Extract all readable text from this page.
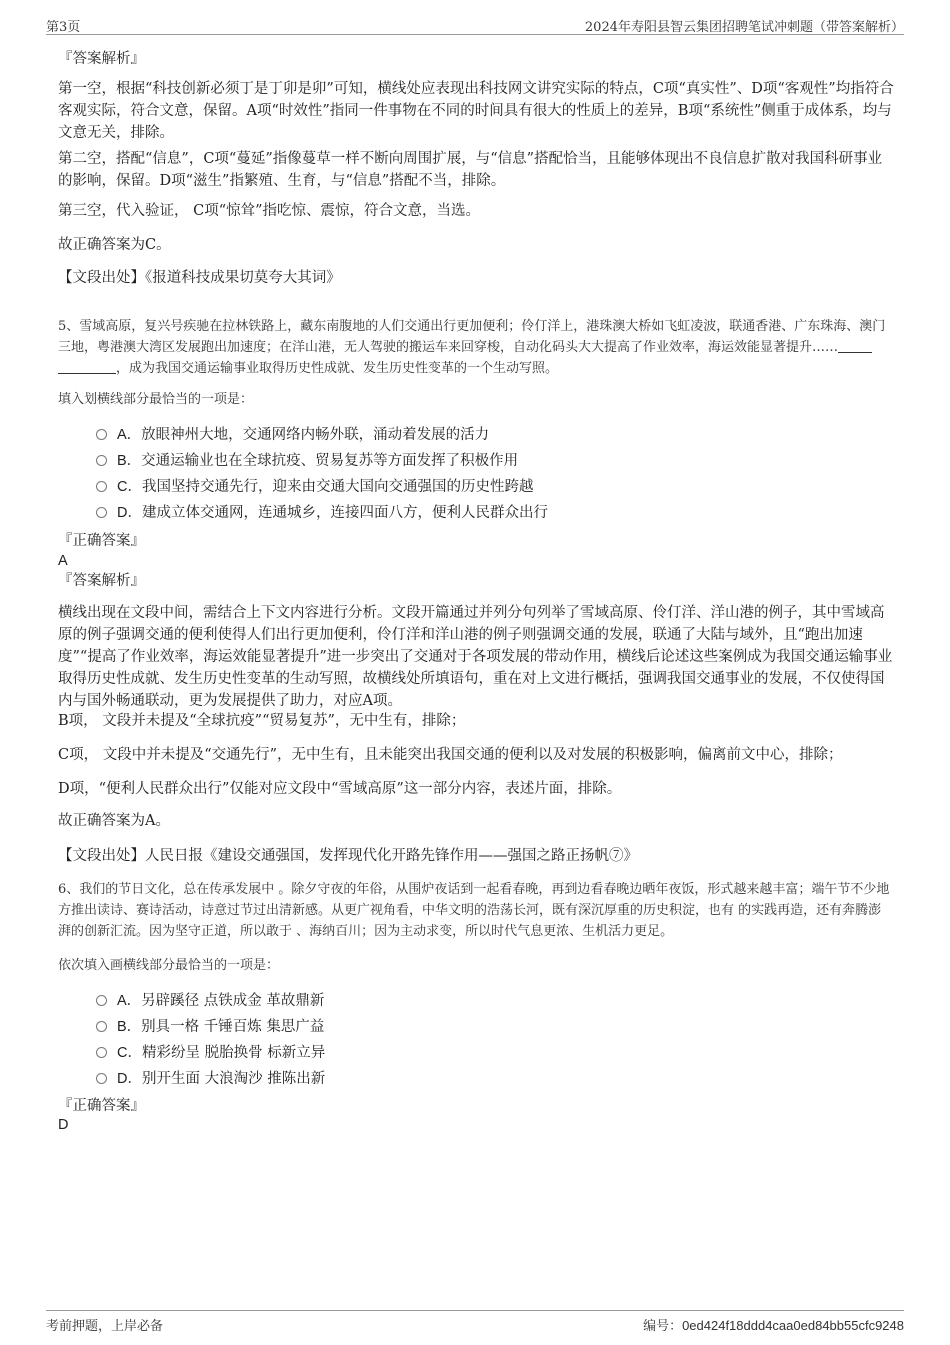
第3页	2024年寿阳县智云集团招聘笔试冲刺题（带答案解析）
『答案解析』

第一空，根据“科技创新必须丁是丁卯是卯”可知，横线处应表现出科技网文讲究实际的特点，C项“真实性”、D项“客观性”均指符合客观实际，符合文意，保留。A项“时效性”指同一件事物在不同的时间具有很大的性质上的差异，B项“系统性”侧重于成体系，均与文意无关，排除。

第二空，搭配“信息”，C项“蔓延”指像蔓草一样不断向周围扩展，与“信息”搭配恰当，且能够体现出不良信息扩散对我国科研事业的影响，保留。D项“滋生”指繁殖、生育，与“信息”搭配不当，排除。

第三空，代入验证， C项“惊耸”指吃惊、震惊，符合文意，当选。

故正确答案为C。

【文段出处】《报道科技成果切莫夸大其词》

5、雪域高原，复兴号疾驰在拉林铁路上，藏东南腹地的人们交通出行更加便利；伶仃洋上，港珠澳大桥如飞虹凌波，联通香港、广东珠海、澳门三地，粤港澳大湾区发展跑出加速度；在洋山港，无人驾驶的搬运车来回穿梭，自动化码头大大提高了作业效率，海运效能显著提升……
，成为我国交通运输事业取得历史性成就、发生历史性变革的一个生动写照。

填入划横线部分最恰当的一项是：

A．放眼神州大地，交通网络内畅外联，涌动着发展的活力
B．交通运输业也在全球抗疫、贸易复苏等方面发挥了积极作用
C．我国坚持交通先行，迎来由交通大国向交通强国的历史性跨越
D．建成立体交通网，连通城乡，连接四面八方，便利人民群众出行
『正确答案』
A
『答案解析』

横线出现在文段中间，需结合上下文内容进行分析。文段开篇通过并列分句列举了雪域高原、伶仃洋、洋山港的例子，其中雪域高原的例子强调交通的便利使得人们出行更加便利，伶仃洋和洋山港的例子则强调交通的发展，联通了大陆与域外，且“跑出加速度”“提高了作业效率，海运效能显著提升”进一步突出了交通对于各项发展的带动作用，横线后论述这些案例成为我国交通运输事业取得历史性成就、发生历史性变革的生动写照，故横线处所填语句，重在对上文进行概括，强调我国交通事业的发展，不仅使得国内与国外畅通联动，更为发展提供了助力，对应A项。

B项， 文段并未提及“全球抗疫”“贸易复苏”，无中生有，排除；

C项， 文段中并未提及“交通先行”，无中生有，且未能突出我国交通的便利以及对发展的积极影响，偏离前文中心，排除；

D项，“便利人民群众出行”仅能对应文段中“雪域高原”这一部分内容，表述片面，排除。

故正确答案为A。

【文段出处】人民日报《建设交通强国，发挥现代化开路先锋作用——强国之路正扬帆⑦》

6、我们的节日文化，总在传承发展中 。除夕守夜的年俗，从围炉夜话到一起看春晚，再到边看春晚边晒年夜饭，形式越来越丰富；端午节不少地方推出读诗、赛诗活动，诗意过节过出清新感。从更广视角看，中华文明的浩荡长河，既有深沉厚重的历史积淀，也有 的实践再造，还有奔腾澎湃的创新汇流。因为坚守正道，所以敢于 、海纳百川；因为主动求变，所以时代气息更浓、生机活力更足。

依次填入画横线部分最恰当的一项是：

A．另辟蹊径 点铁成金 革故鼎新
B．别具一格 千锤百炼 集思广益
C．精彩纷呈 脱胎换骨 标新立异
D．别开生面 大浪淘沙 推陈出新
『正确答案』
D
考前押题，上岸必备	编号：0ed424f18ddd4caa0ed84bb55cfc9248
